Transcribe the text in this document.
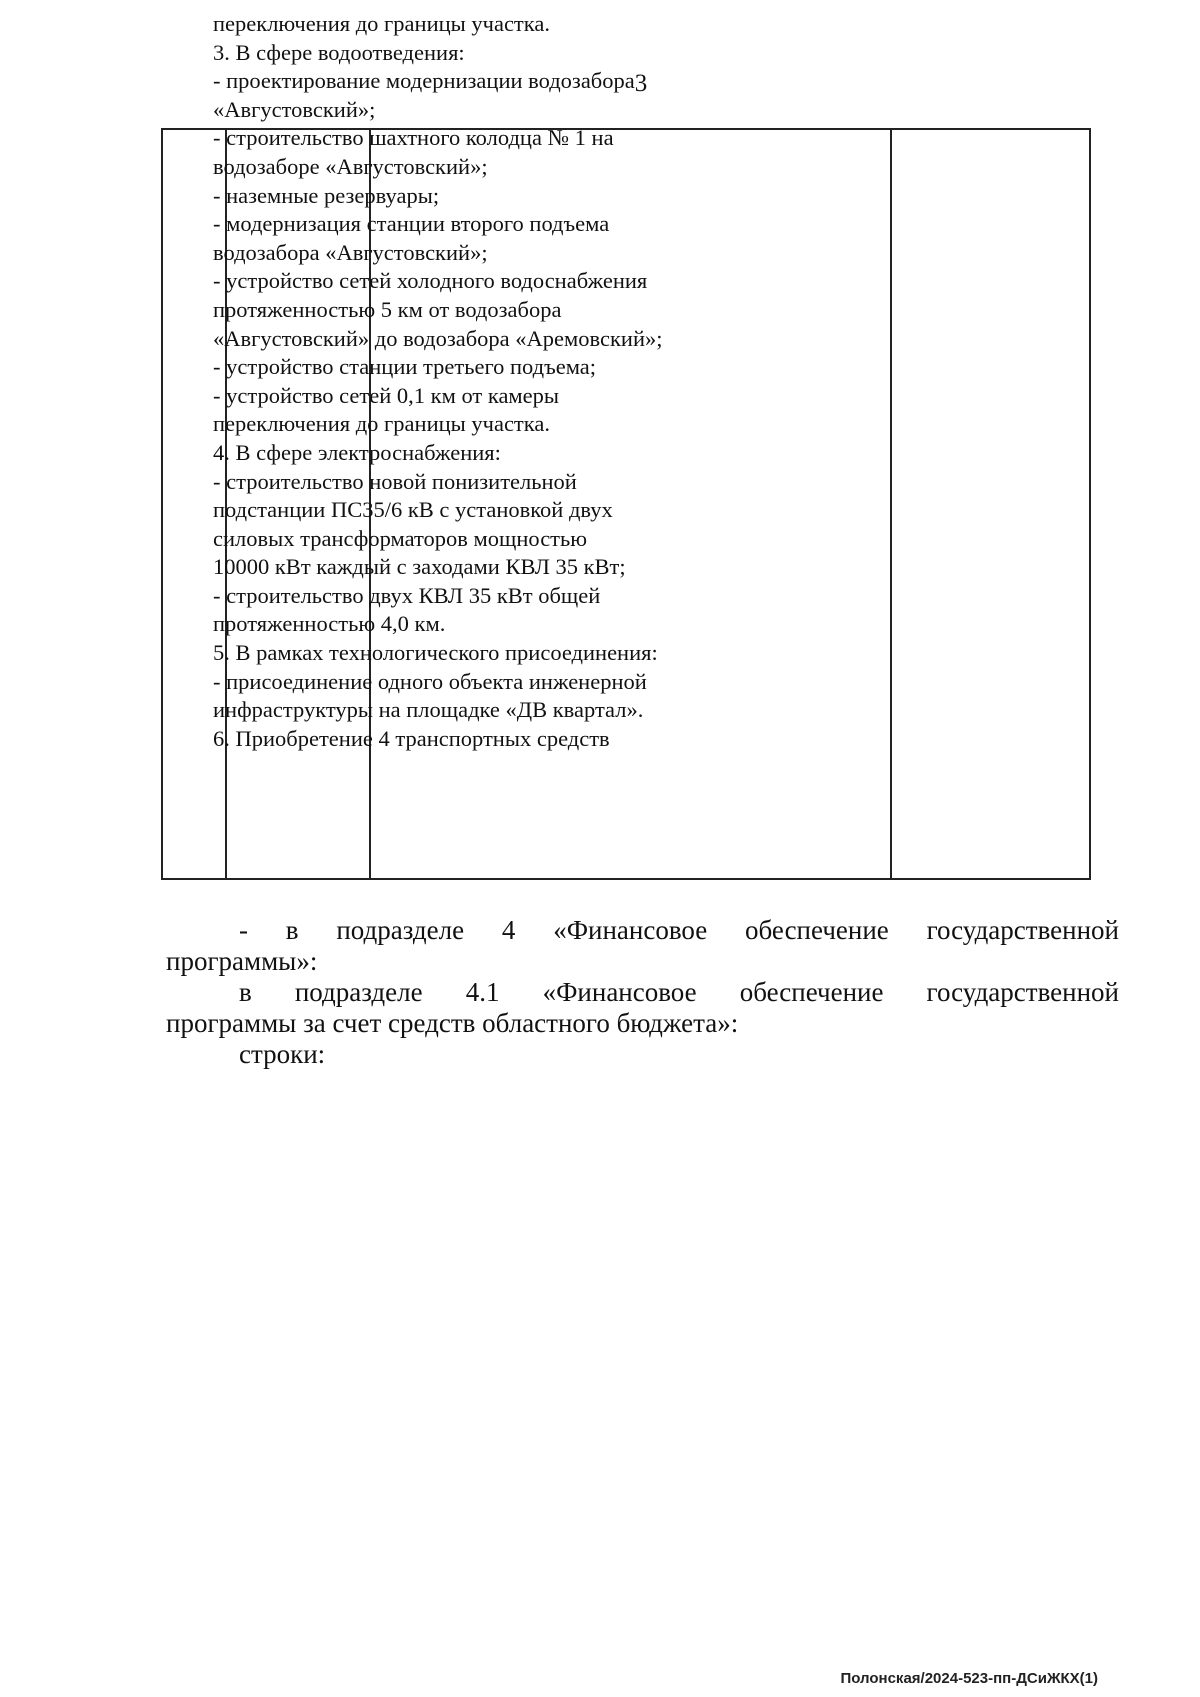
3
переключения до границы участка.
3. В сфере водоотведения:
- проектирование модернизации водозабора
«Августовский»;
- строительство шахтного колодца № 1 на
водозаборе «Августовский»;
- наземные резервуары;
- модернизация станции второго подъема
водозабора «Августовский»;
- устройство сетей холодного водоснабжения
протяженностью 5 км от водозабора
«Августовский» до водозабора «Аремовский»;
- устройство станции третьего подъема;
- устройство сетей 0,1 км от камеры
переключения до границы участка.
4. В сфере электроснабжения:
- строительство новой понизительной
подстанции ПС35/6 кВ с установкой двух
силовых трансформаторов мощностью
10000 кВт каждый с заходами КВЛ 35 кВт;
- строительство двух КВЛ 35 кВт общей
протяженностью 4,0 км.
5. В рамках технологического присоединения:
- присоединение одного объекта инженерной
инфраструктуры на площадке «ДВ квартал».
6. Приобретение 4 транспортных средств
- в подразделе 4 «Финансовое обеспечение государственной
программы»:
в подразделе 4.1 «Финансовое обеспечение государственной
программы за счет средств областного бюджета»:
строки:
Полонская/2024-523-пп-ДСиЖКХ(1)
